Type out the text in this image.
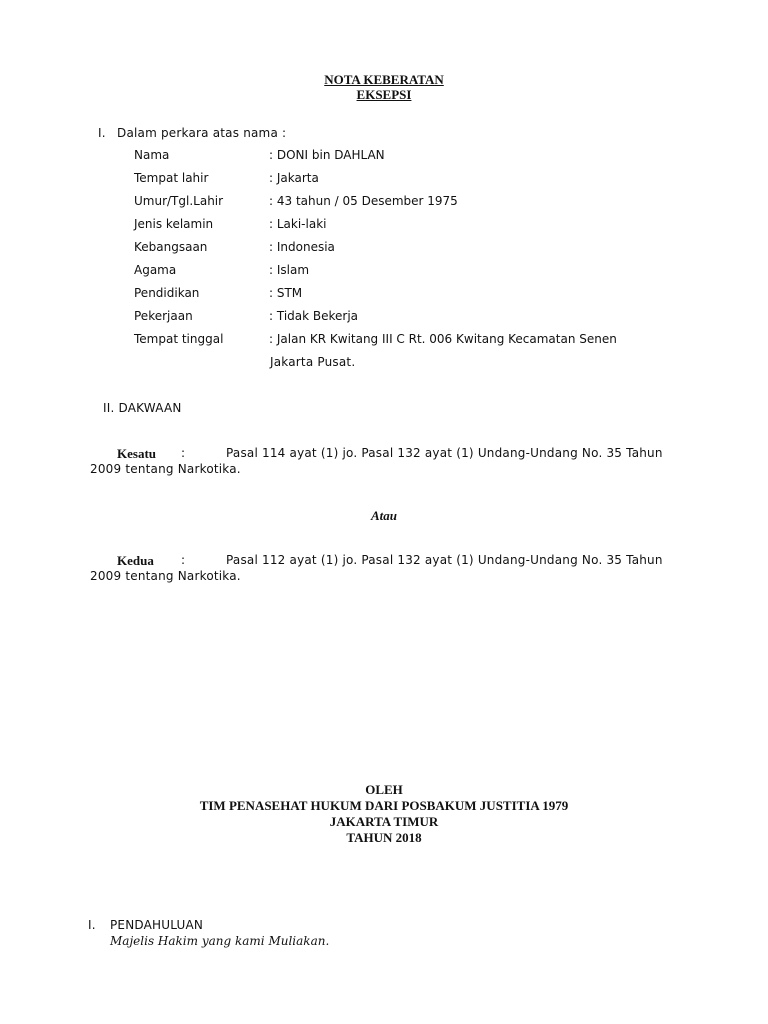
NOTA KEBERATAN
EKSEPSI
I. Dalam perkara atas nama :
Nama	: DONI bin DAHLAN
Tempat lahir	: Jakarta
Umur/Tgl.Lahir	: 43 tahun / 05 Desember 1975
Jenis kelamin	: Laki-laki
Kebangsaan	: Indonesia
Agama	: Islam
Pendidikan	: STM
Pekerjaan	: Tidak Bekerja
Tempat tinggal	: Jalan KR Kwitang III C Rt. 006 Kwitang Kecamatan Senen
Jakarta Pusat.
II. DAKWAAN
Kesatu :	Pasal 114 ayat (1) jo. Pasal 132 ayat (1) Undang-Undang No. 35 Tahun
2009 tentang Narkotika.
Atau
Kedua :	Pasal 112 ayat (1) jo. Pasal 132 ayat (1) Undang-Undang No. 35 Tahun
2009 tentang Narkotika.
OLEH
TIM PENASEHAT HUKUM DARI POSBAKUM JUSTITIA 1979
JAKARTA TIMUR
TAHUN 2018
I. PENDAHULUAN
Majelis Hakim yang kami Muliakan.
